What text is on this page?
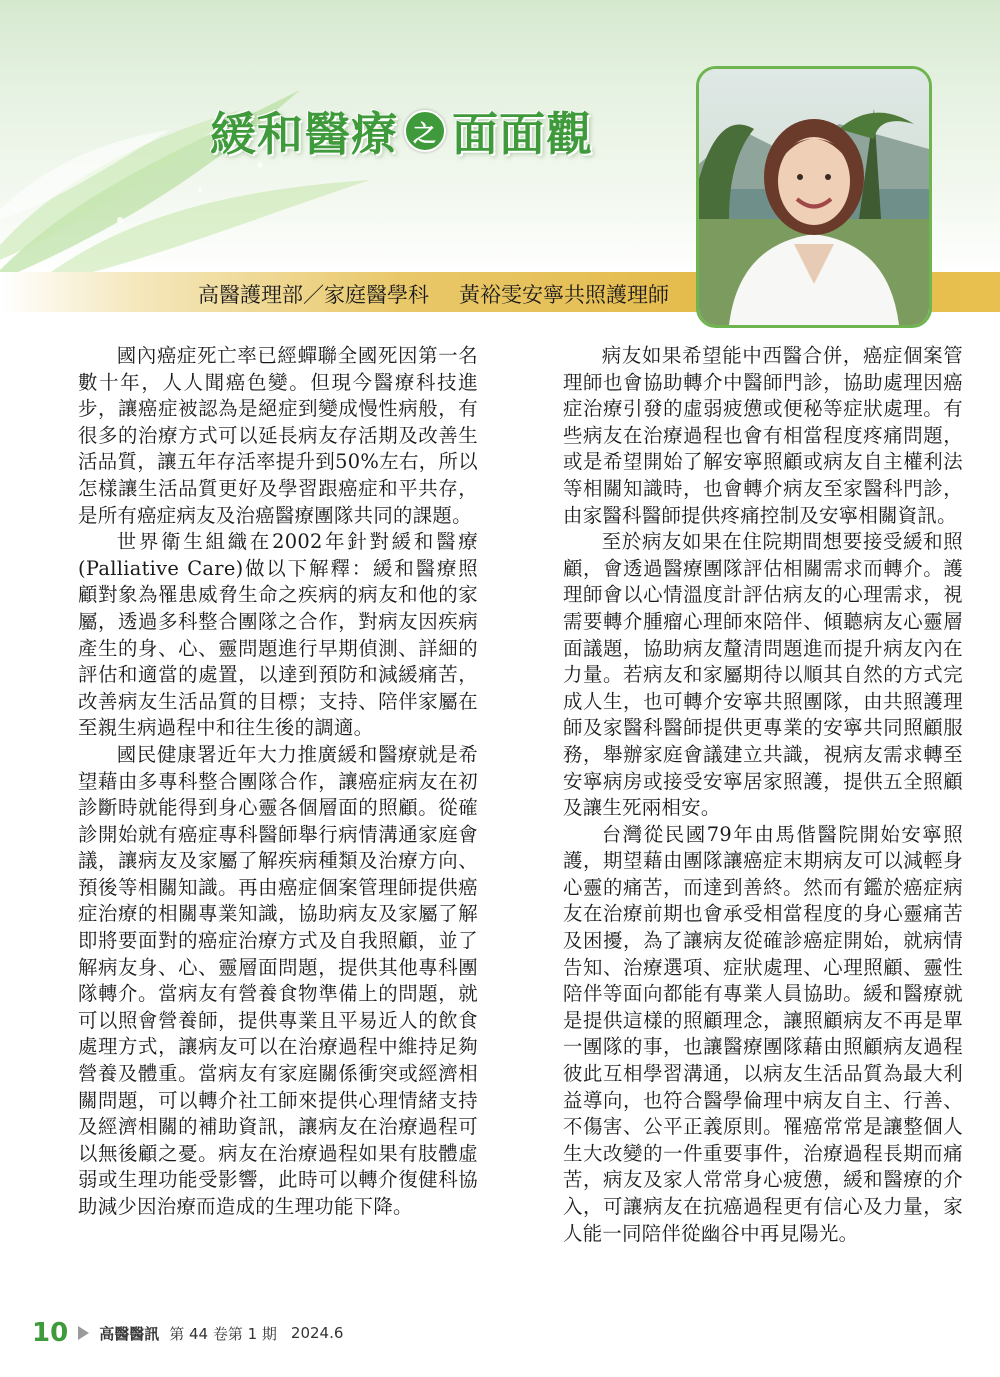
緩和醫療 之 面面觀
高醫護理部／家庭醫學科 黃裕雯安寧共照護理師

國內癌症死亡率已經蟬聯全國死因第一名數十年，人人聞癌色變。但現今醫療科技進步，讓癌症被認為是絕症到變成慢性病般，有很多的治療方式可以延長病友存活期及改善生活品質，讓五年存活率提升到50%左右，所以怎樣讓生活品質更好及學習跟癌症和平共存，是所有癌症病友及治癌醫療團隊共同的課題。

世界衛生組織在2002年針對緩和醫療(Palliative Care)做以下解釋：緩和醫療照顧對象為罹患威脅生命之疾病的病友和他的家屬，透過多科整合團隊之合作，對病友因疾病產生的身、心、靈問題進行早期偵測、詳細的評估和適當的處置，以達到預防和減緩痛苦，改善病友生活品質的目標；支持、陪伴家屬在至親生病過程中和往生後的調適。

國民健康署近年大力推廣緩和醫療就是希望藉由多專科整合團隊合作，讓癌症病友在初診斷時就能得到身心靈各個層面的照顧。從確診開始就有癌症專科醫師舉行病情溝通家庭會議，讓病友及家屬了解疾病種類及治療方向、預後等相關知識。再由癌症個案管理師提供癌症治療的相關專業知識，協助病友及家屬了解即將要面對的癌症治療方式及自我照顧，並了解病友身、心、靈層面問題，提供其他專科團隊轉介。當病友有營養食物準備上的問題，就可以照會營養師，提供專業且平易近人的飲食處理方式，讓病友可以在治療過程中維持足夠營養及體重。當病友有家庭關係衝突或經濟相關問題，可以轉介社工師來提供心理情緒支持及經濟相關的補助資訊，讓病友在治療過程可以無後顧之憂。病友在治療過程如果有肢體虛弱或生理功能受影響，此時可以轉介復健科協助減少因治療而造成的生理功能下降。

病友如果希望能中西醫合併，癌症個案管理師也會協助轉介中醫師門診，協助處理因癌症治療引發的虛弱疲憊或便秘等症狀處理。有些病友在治療過程也會有相當程度疼痛問題，或是希望開始了解安寧照顧或病友自主權利法等相關知識時，也會轉介病友至家醫科門診，由家醫科醫師提供疼痛控制及安寧相關資訊。

至於病友如果在住院期間想要接受緩和照顧，會透過醫療團隊評估相關需求而轉介。護理師會以心情溫度計評估病友的心理需求，視需要轉介腫瘤心理師來陪伴、傾聽病友心靈層面議題，協助病友釐清問題進而提升病友內在力量。若病友和家屬期待以順其自然的方式完成人生，也可轉介安寧共照團隊，由共照護理師及家醫科醫師提供更專業的安寧共同照顧服務，舉辦家庭會議建立共識，視病友需求轉至安寧病房或接受安寧居家照護，提供五全照顧及讓生死兩相安。

台灣從民國79年由馬偕醫院開始安寧照護，期望藉由團隊讓癌症末期病友可以減輕身心靈的痛苦，而達到善終。然而有鑑於癌症病友在治療前期也會承受相當程度的身心靈痛苦及困擾，為了讓病友從確診癌症開始，就病情告知、治療選項、症狀處理、心理照顧、靈性陪伴等面向都能有專業人員協助。緩和醫療就是提供這樣的照顧理念，讓照顧病友不再是單一團隊的事，也讓醫療團隊藉由照顧病友過程彼此互相學習溝通，以病友生活品質為最大利益導向，也符合醫學倫理中病友自主、行善、不傷害、公平正義原則。罹癌常常是讓整個人生大改變的一件重要事件，治療過程長期而痛苦，病友及家人常常身心疲憊，緩和醫療的介入，可讓病友在抗癌過程更有信心及力量，家人能一同陪伴從幽谷中再見陽光。

10 高醫醫訊 第 44 卷第 1 期 2024.6
